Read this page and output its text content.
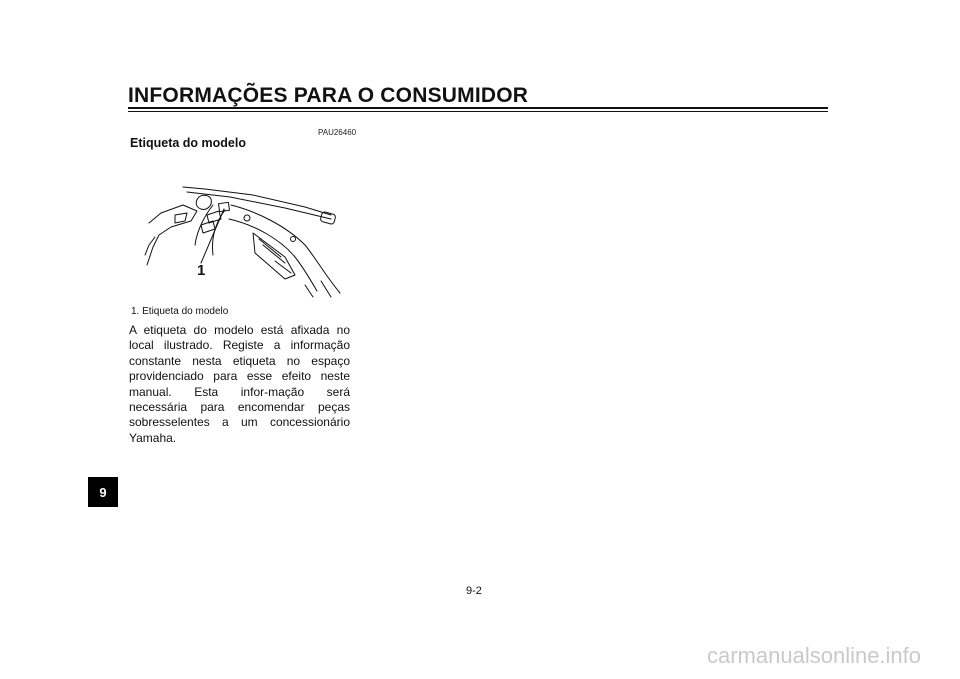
INFORMAÇÕES PARA O CONSUMIDOR
PAU26460
Etiqueta do modelo
1
1. Etiqueta do modelo
A etiqueta do modelo está afixada no local ilustrado. Registe a informação constante nesta etiqueta no espaço providenciado para esse efeito neste manual. Esta infor-mação será necessária para encomendar peças sobresselentes a um concessionário Yamaha.
9
9-2
carmanualsonline.info
